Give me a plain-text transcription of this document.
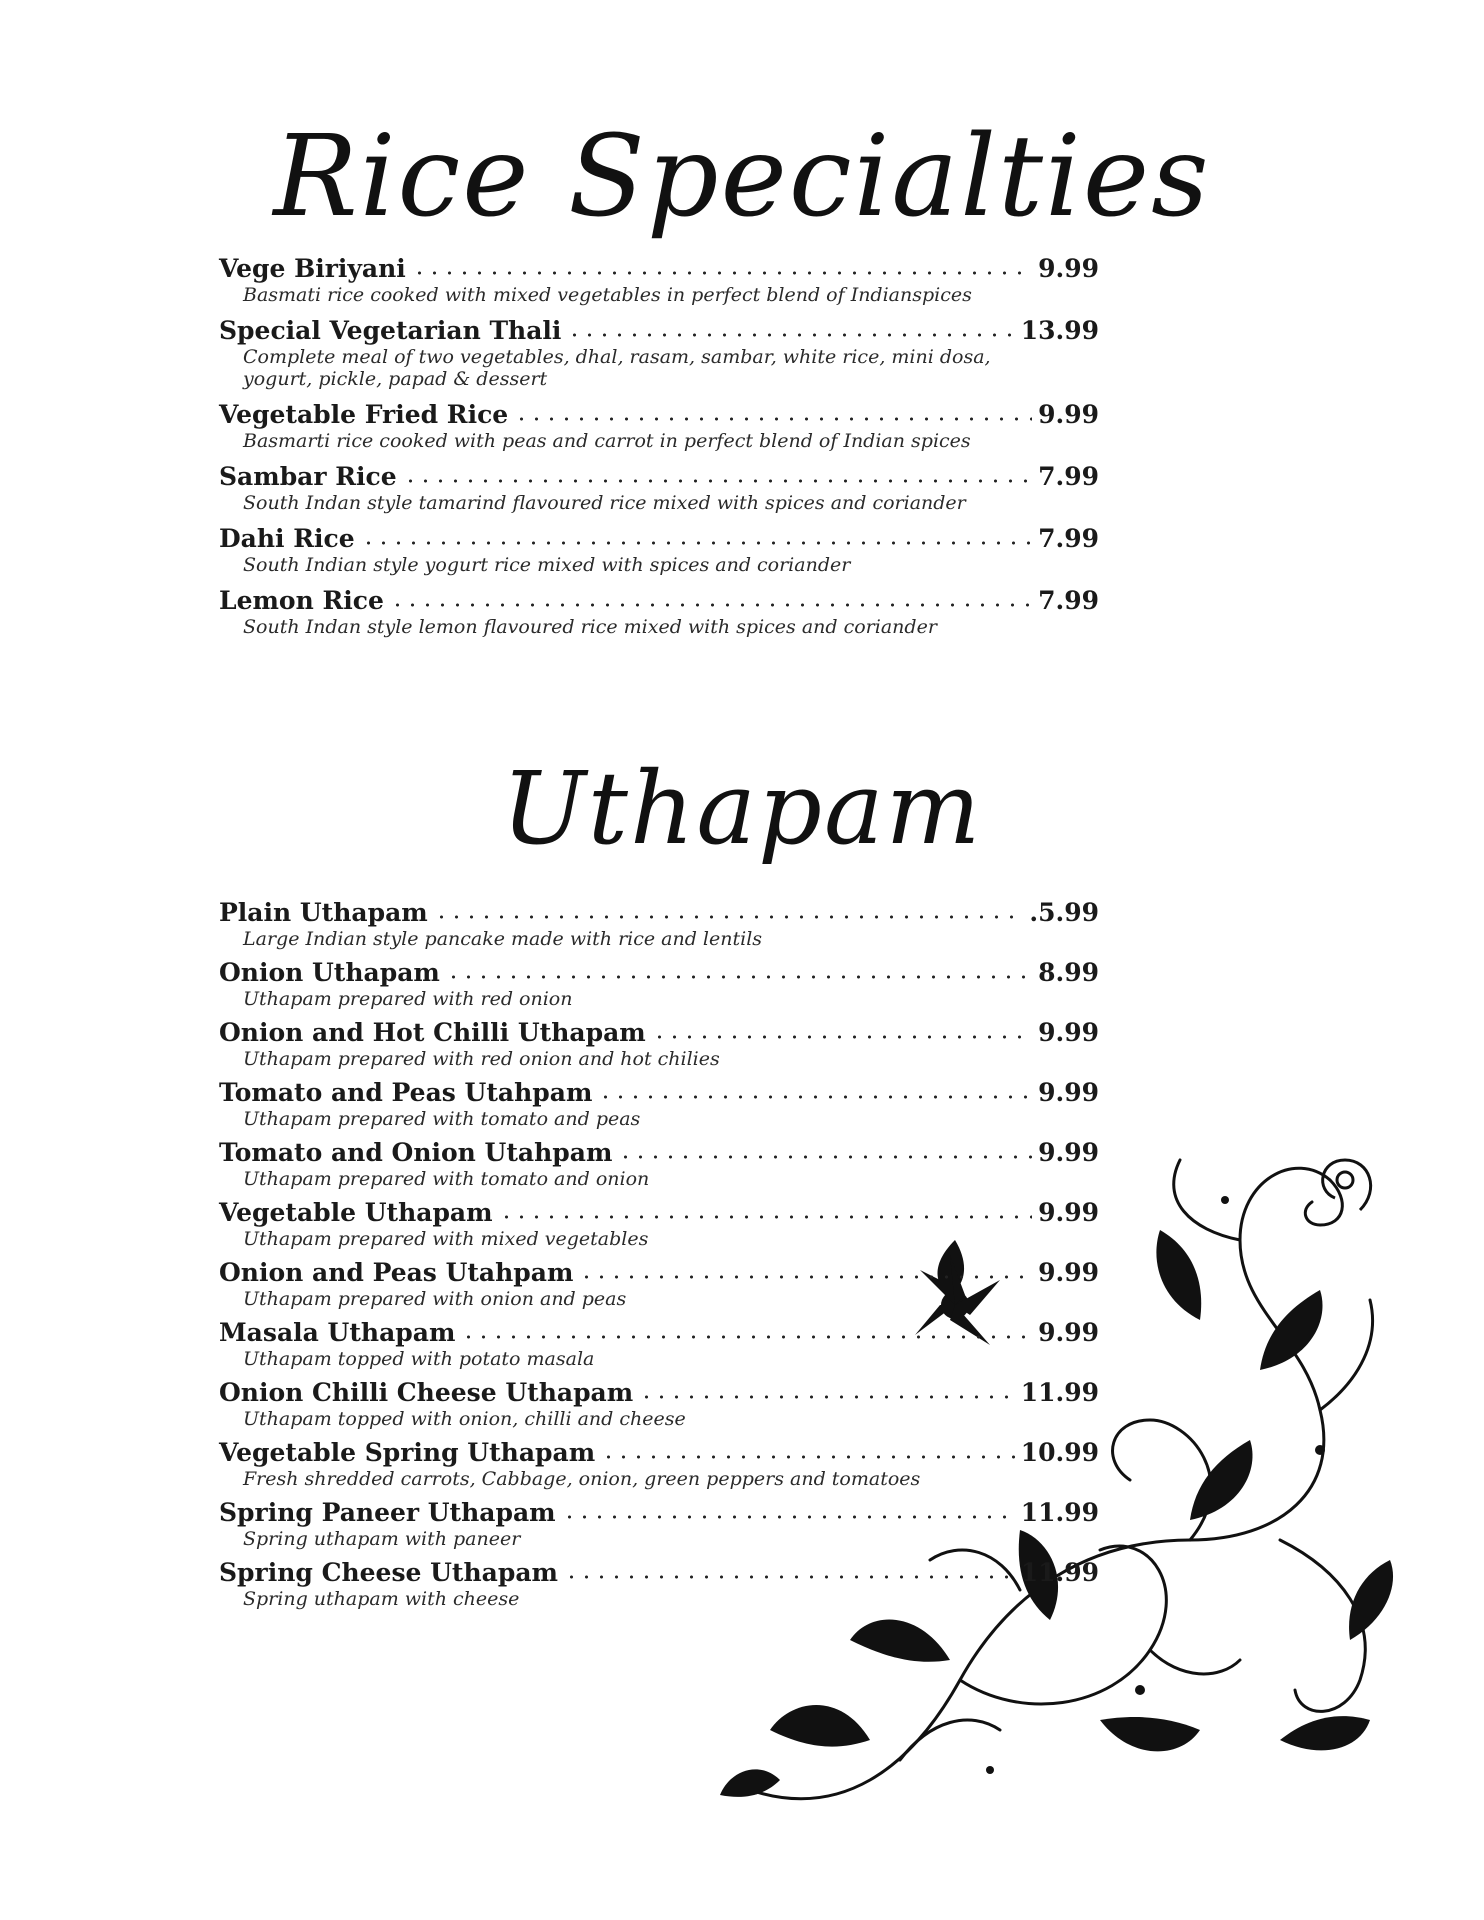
Rice Specialties
Vege Biriyani	9.99
Basmati rice cooked with mixed vegetables in perfect blend of Indianspices
Special Vegetarian Thali	13.99
Complete meal of two vegetables, dhal, rasam, sambar, white rice, mini dosa, yogurt, pickle, papad & dessert
Vegetable Fried Rice	9.99
Basmarti rice cooked with peas and carrot in perfect blend of Indian spices
Sambar Rice	7.99
South Indan style tamarind flavoured rice mixed with spices and coriander
Dahi Rice	7.99
South Indian style yogurt rice mixed with spices and coriander
Lemon Rice	7.99
South Indan style lemon flavoured rice mixed with spices and coriander
Uthapam
Plain Uthapam	.5.99
Large Indian style pancake made with rice and lentils
Onion Uthapam	8.99
Uthapam prepared with red onion
Onion and Hot Chilli Uthapam	9.99
Uthapam prepared with red onion and hot chilies
Tomato and Peas Utahpam	9.99
Uthapam prepared with tomato and peas
Tomato and Onion Utahpam	9.99
Uthapam prepared with tomato and onion
Vegetable Uthapam	9.99
Uthapam prepared with mixed vegetables
Onion and Peas Utahpam	9.99
Uthapam prepared with onion and peas
Masala Uthapam	9.99
Uthapam topped with potato masala
Onion Chilli Cheese Uthapam	11.99
Uthapam topped with onion, chilli and cheese
Vegetable Spring Uthapam	10.99
Fresh shredded carrots, Cabbage, onion, green peppers and tomatoes
Spring Paneer Uthapam	11.99
Spring uthapam with paneer
Spring Cheese Uthapam	11.99
Spring uthapam with cheese
